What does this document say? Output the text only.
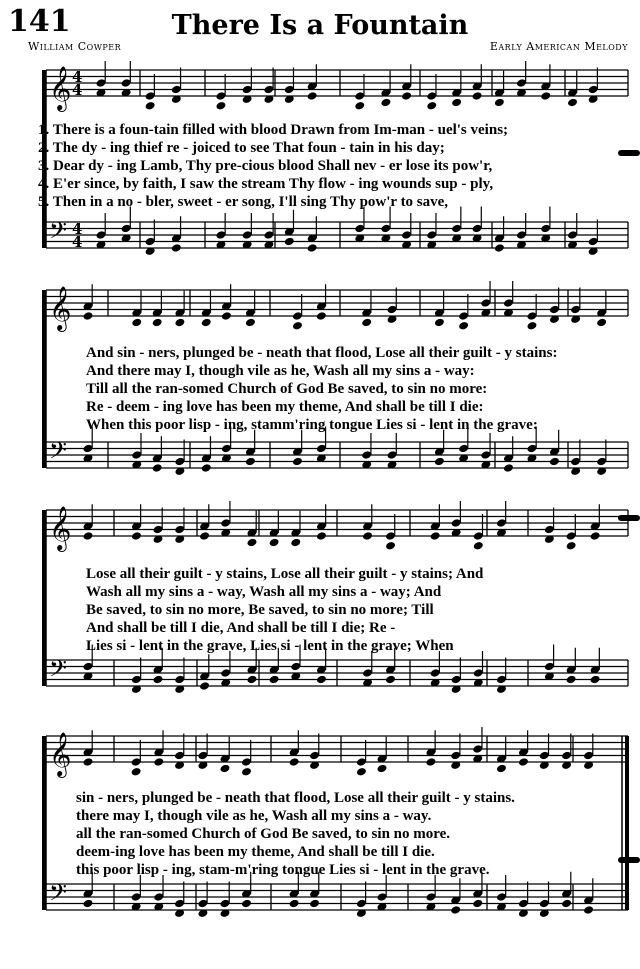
141	There Is a Fountain
William Cowper	Early American Melody
𝄞
𝄢
4
4
4
4
1. There is a foun-tain filled with blood Drawn from Im-man - uel's veins;
2. The dy - ing thief re - joiced to see That foun - tain in his day;
3. Dear dy - ing Lamb, Thy pre-cious blood Shall nev - er lose its pow'r,
4. E'er since, by faith, I saw the stream Thy flow - ing wounds sup - ply,
5. Then in a no - bler, sweet - er song, I'll sing Thy pow'r to save,
𝄞
𝄢
And sin - ners, plunged be - neath that flood, Lose all their guilt - y stains:
And there may I, though vile as he, Wash all my sins a - way:
Till all the ran-somed Church of God Be saved, to sin no more:
Re - deem - ing love has been my theme, And shall be till I die:
When this poor lisp - ing, stamm'ring tongue Lies si - lent in the grave:
𝄞
𝄢
Lose all their guilt - y stains, Lose all their guilt - y stains; And
Wash all my sins a - way, Wash all my sins a - way; And
Be saved, to sin no more, Be saved, to sin no more; Till
And shall be till I die, And shall be till I die; Re -
Lies si - lent in the grave, Lies si - lent in the grave; When
𝄞
𝄢
sin - ners, plunged be - neath that flood, Lose all their guilt - y stains.
there may I, though vile as he, Wash all my sins a - way.
all the ran-somed Church of God Be saved, to sin no more.
deem-ing love has been my theme, And shall be till I die.
this poor lisp - ing, stam-m'ring tongue Lies si - lent in the grave.
